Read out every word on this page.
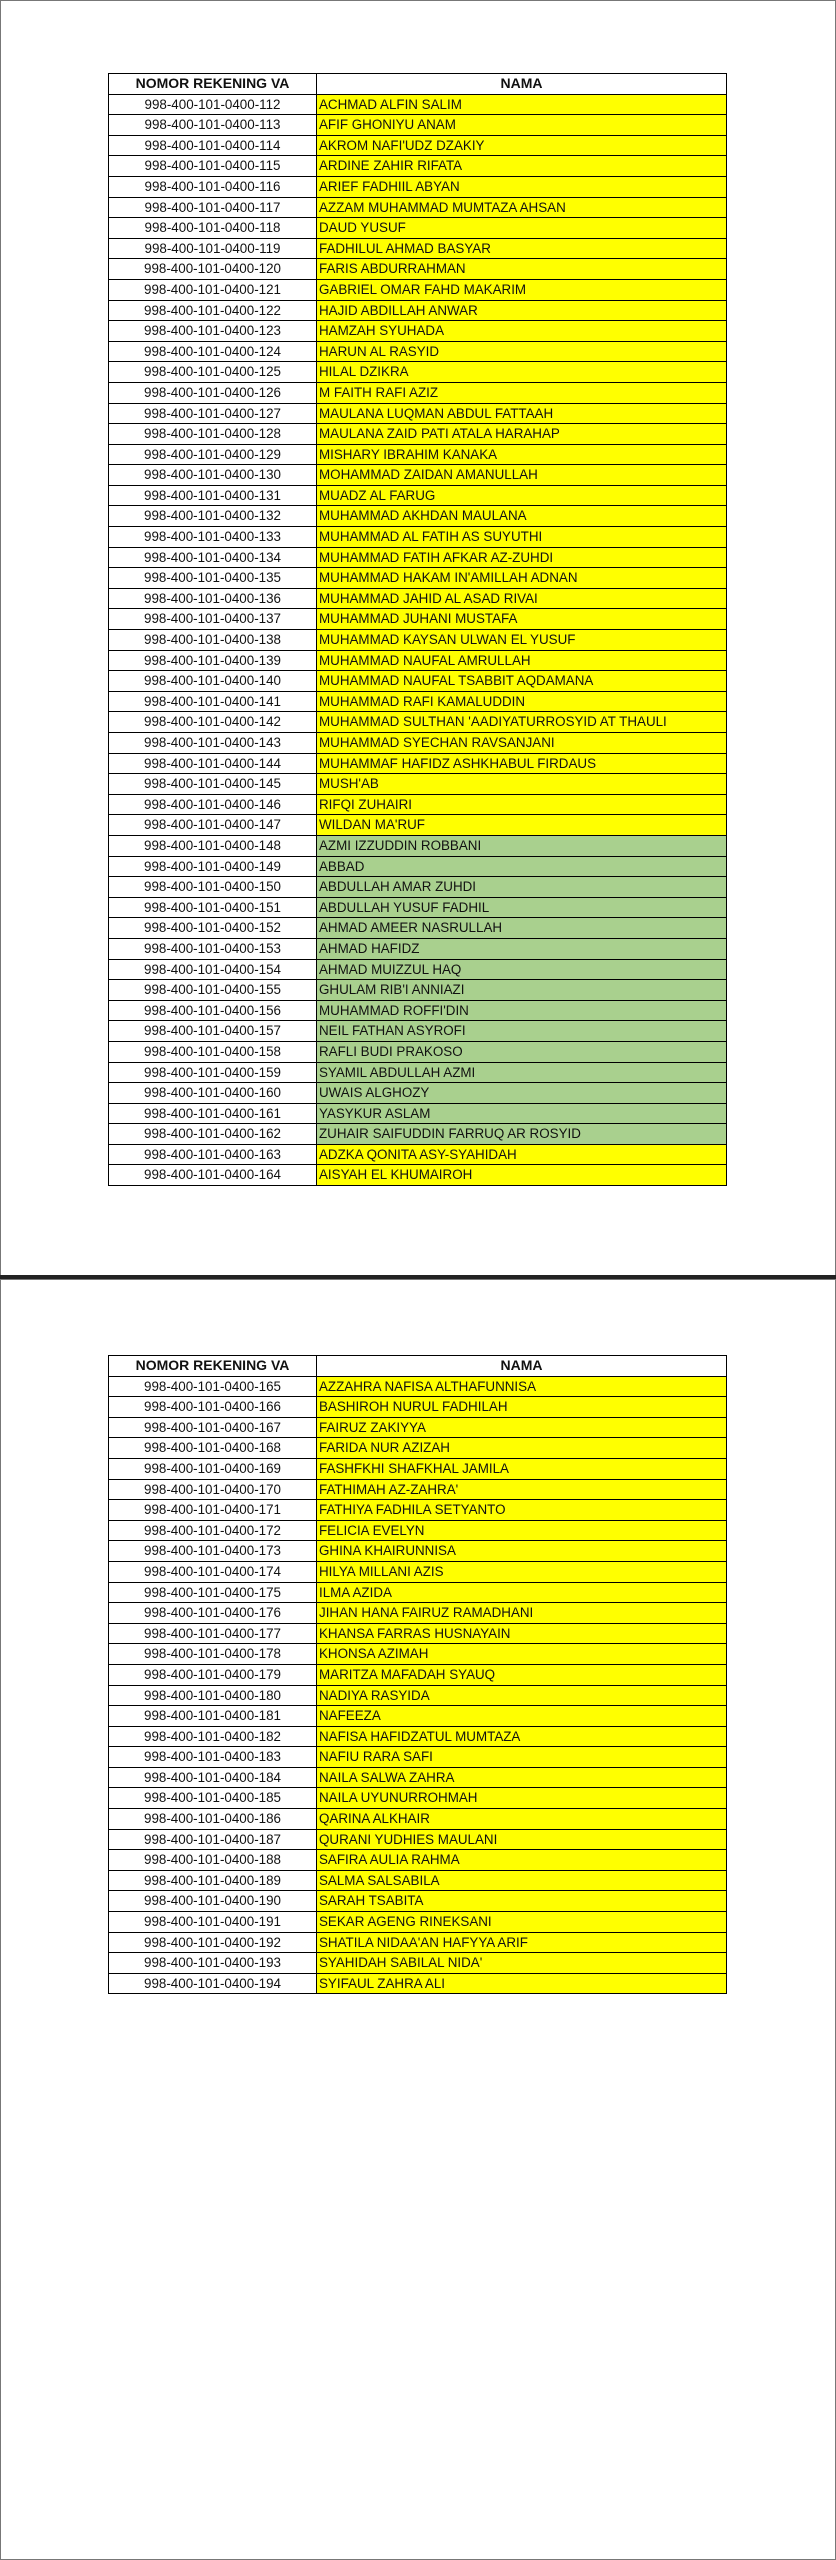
NOMOR REKENING VA	NAMA
998-400-101-0400-112	ACHMAD ALFIN SALIM
998-400-101-0400-113	AFIF GHONIYU ANAM
998-400-101-0400-114	AKROM NAFI'UDZ DZAKIY
998-400-101-0400-115	ARDINE ZAHIR RIFATA
998-400-101-0400-116	ARIEF FADHIIL ABYAN
998-400-101-0400-117	AZZAM MUHAMMAD MUMTAZA AHSAN
998-400-101-0400-118	DAUD YUSUF
998-400-101-0400-119	FADHILUL AHMAD BASYAR
998-400-101-0400-120	FARIS ABDURRAHMAN
998-400-101-0400-121	GABRIEL OMAR FAHD MAKARIM
998-400-101-0400-122	HAJID ABDILLAH ANWAR
998-400-101-0400-123	HAMZAH SYUHADA
998-400-101-0400-124	HARUN AL RASYID
998-400-101-0400-125	HILAL DZIKRA
998-400-101-0400-126	M FAITH RAFI AZIZ
998-400-101-0400-127	MAULANA LUQMAN ABDUL FATTAAH
998-400-101-0400-128	MAULANA ZAID PATI ATALA HARAHAP
998-400-101-0400-129	MISHARY IBRAHIM KANAKA
998-400-101-0400-130	MOHAMMAD ZAIDAN AMANULLAH
998-400-101-0400-131	MUADZ AL FARUG
998-400-101-0400-132	MUHAMMAD AKHDAN MAULANA
998-400-101-0400-133	MUHAMMAD AL FATIH AS SUYUTHI
998-400-101-0400-134	MUHAMMAD FATIH AFKAR AZ-ZUHDI
998-400-101-0400-135	MUHAMMAD HAKAM IN'AMILLAH ADNAN
998-400-101-0400-136	MUHAMMAD JAHID AL ASAD RIVAI
998-400-101-0400-137	MUHAMMAD JUHANI MUSTAFA
998-400-101-0400-138	MUHAMMAD KAYSAN ULWAN EL YUSUF
998-400-101-0400-139	MUHAMMAD NAUFAL AMRULLAH
998-400-101-0400-140	MUHAMMAD NAUFAL TSABBIT AQDAMANA
998-400-101-0400-141	MUHAMMAD RAFI KAMALUDDIN
998-400-101-0400-142	MUHAMMAD SULTHAN 'AADIYATURROSYID AT THAULI
998-400-101-0400-143	MUHAMMAD SYECHAN RAVSANJANI
998-400-101-0400-144	MUHAMMAF HAFIDZ ASHKHABUL FIRDAUS
998-400-101-0400-145	MUSH'AB
998-400-101-0400-146	RIFQI ZUHAIRI
998-400-101-0400-147	WILDAN MA'RUF
998-400-101-0400-148	AZMI IZZUDDIN ROBBANI
998-400-101-0400-149	ABBAD
998-400-101-0400-150	ABDULLAH AMAR ZUHDI
998-400-101-0400-151	ABDULLAH YUSUF FADHIL
998-400-101-0400-152	AHMAD AMEER NASRULLAH
998-400-101-0400-153	AHMAD HAFIDZ
998-400-101-0400-154	AHMAD MUIZZUL HAQ
998-400-101-0400-155	GHULAM RIB'I ANNIAZI
998-400-101-0400-156	MUHAMMAD ROFFI'DIN
998-400-101-0400-157	NEIL FATHAN ASYROFI
998-400-101-0400-158	RAFLI BUDI PRAKOSO
998-400-101-0400-159	SYAMIL ABDULLAH AZMI
998-400-101-0400-160	UWAIS ALGHOZY
998-400-101-0400-161	YASYKUR ASLAM
998-400-101-0400-162	ZUHAIR SAIFUDDIN FARRUQ AR ROSYID
998-400-101-0400-163	ADZKA QONITA ASY-SYAHIDAH
998-400-101-0400-164	AISYAH EL KHUMAIROH
NOMOR REKENING VA	NAMA
998-400-101-0400-165	AZZAHRA NAFISA ALTHAFUNNISA
998-400-101-0400-166	BASHIROH NURUL FADHILAH
998-400-101-0400-167	FAIRUZ ZAKIYYA
998-400-101-0400-168	FARIDA NUR AZIZAH
998-400-101-0400-169	FASHFKHI SHAFKHAL JAMILA
998-400-101-0400-170	FATHIMAH AZ-ZAHRA'
998-400-101-0400-171	FATHIYA FADHILA SETYANTO
998-400-101-0400-172	FELICIA EVELYN
998-400-101-0400-173	GHINA KHAIRUNNISA
998-400-101-0400-174	HILYA MILLANI AZIS
998-400-101-0400-175	ILMA AZIDA
998-400-101-0400-176	JIHAN HANA FAIRUZ RAMADHANI
998-400-101-0400-177	KHANSA FARRAS HUSNAYAIN
998-400-101-0400-178	KHONSA AZIMAH
998-400-101-0400-179	MARITZA MAFADAH SYAUQ
998-400-101-0400-180	NADIYA RASYIDA
998-400-101-0400-181	NAFEEZA
998-400-101-0400-182	NAFISA HAFIDZATUL MUMTAZA
998-400-101-0400-183	NAFIU RARA SAFI
998-400-101-0400-184	NAILA SALWA ZAHRA
998-400-101-0400-185	NAILA UYUNURROHMAH
998-400-101-0400-186	QARINA ALKHAIR
998-400-101-0400-187	QURANI YUDHIES MAULANI
998-400-101-0400-188	SAFIRA AULIA RAHMA
998-400-101-0400-189	SALMA SALSABILA
998-400-101-0400-190	SARAH TSABITA
998-400-101-0400-191	SEKAR AGENG RINEKSANI
998-400-101-0400-192	SHATILA NIDAA'AN HAFYYA ARIF
998-400-101-0400-193	SYAHIDAH SABILAL NIDA'
998-400-101-0400-194	SYIFAUL ZAHRA ALI
